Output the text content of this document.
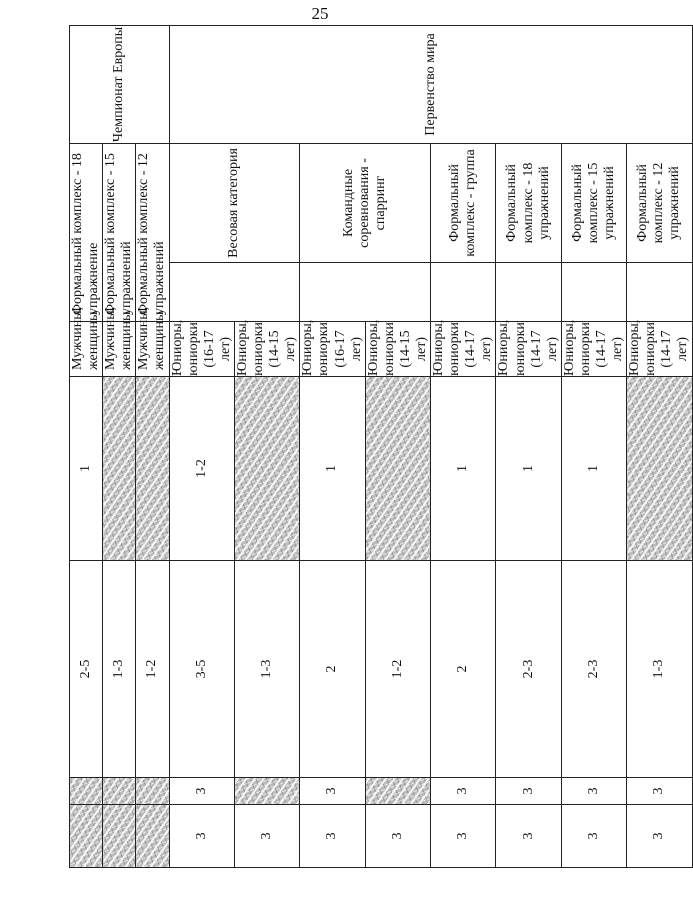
25
		2-5	1	Мужчины, женщины	Формальный комплекс - 18 упражнение		Чемпионат Европы
		1-3		Мужчины, женщины	Формальный комплекс - 15 упражнений		
		1-2		Мужчины, женщины	Формальный комплекс - 12 упражнений		
3	3	3-5	1-2	Юниоры, юниорки (16-17 лет)		Весовая категория	Первенство мира
3		1-3		Юниоры, юниорки (14-15 лет)			
3	3	2	1	Юниоры, юниорки (16-17 лет)		Командные соревнования - спарринг	
3		1-2		Юниоры, юниорки (14-15 лет)			
3	3	2	1	Юниоры, юниорки (14-17 лет)		Формальный комплекс - группа	
3	3	2-3	1	Юниоры, юниорки (14-17 лет)		Формальный комплекс - 18 упражнений	
3	3	2-3	1	Юниоры, юниорки (14-17 лет)		Формальный комплекс - 15 упражнений	
3	3	1-3		Юниоры, юниорки (14-17 лет)		Формальный комплекс - 12 упражнений	
